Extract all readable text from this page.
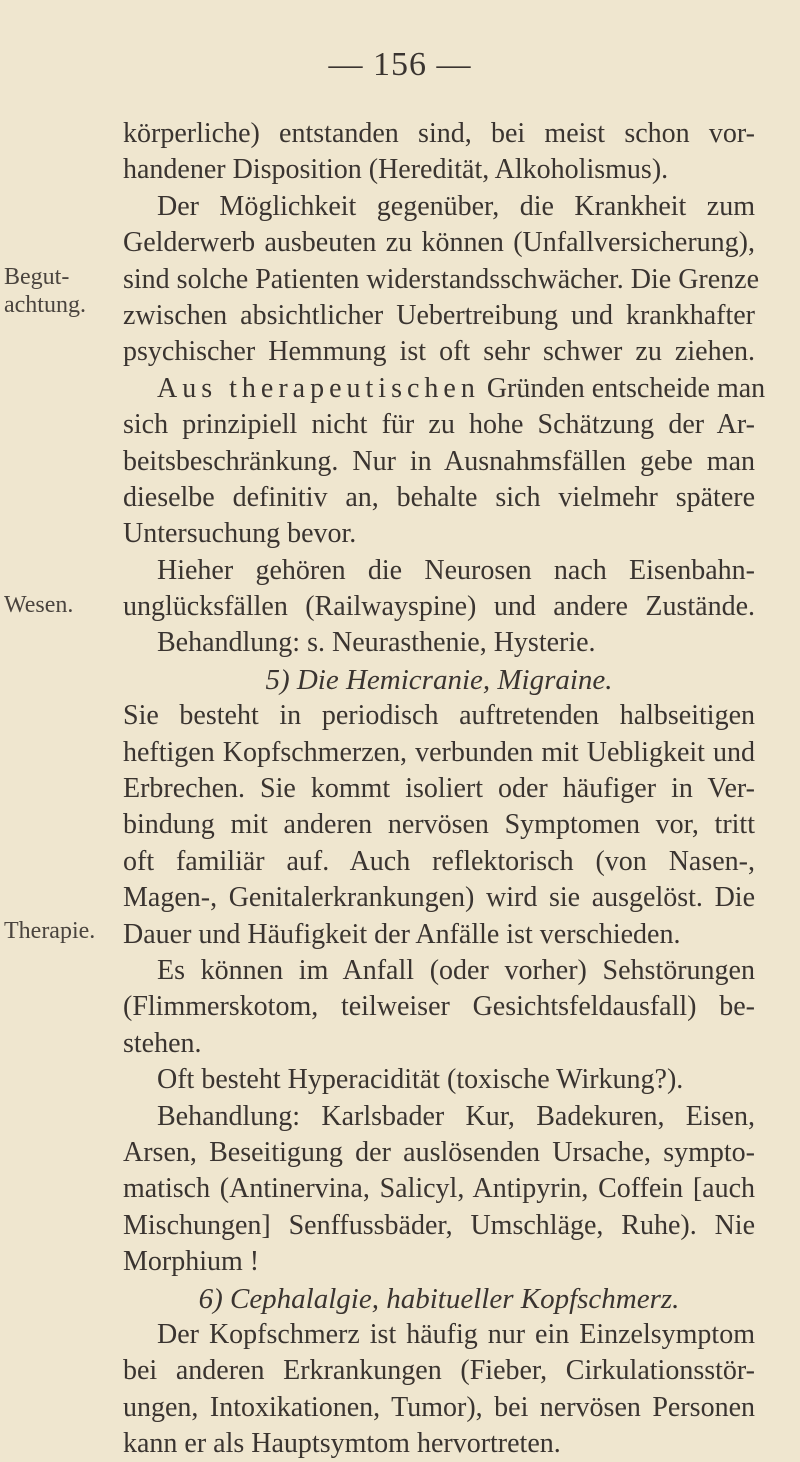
— 156 —
Begut-
achtung.
Wesen.
Therapie.
körperliche) entstanden sind, bei meist schon vor-
handener Disposition (Heredität, Alkoholismus).
Der Möglichkeit gegenüber, die Krankheit zum
Gelderwerb ausbeuten zu können (Unfallversicherung),
sind solche Patienten widerstandsschwächer. Die Grenze
zwischen absichtlicher Uebertreibung und krankhafter
psychischer Hemmung ist oft sehr schwer zu ziehen.
Aus therapeutischen Gründen entscheide man
sich prinzipiell nicht für zu hohe Schätzung der Ar-
beitsbeschränkung. Nur in Ausnahmsfällen gebe man
dieselbe definitiv an, behalte sich vielmehr spätere
Untersuchung bevor.
Hieher gehören die Neurosen nach Eisenbahn-
unglücksfällen (Railwayspine) und andere Zustände.
Behandlung: s. Neurasthenie, Hysterie.
5) Die Hemicranie, Migraine.
Sie besteht in periodisch auftretenden halbseitigen
heftigen Kopfschmerzen, verbunden mit Uebligkeit und
Erbrechen. Sie kommt isoliert oder häufiger in Ver-
bindung mit anderen nervösen Symptomen vor, tritt
oft familiär auf. Auch reflektorisch (von Nasen-,
Magen-, Genitalerkrankungen) wird sie ausgelöst. Die
Dauer und Häufigkeit der Anfälle ist verschieden.
Es können im Anfall (oder vorher) Sehstörungen
(Flimmerskotom, teilweiser Gesichtsfeldausfall) be-
stehen.
Oft besteht Hyperacidität (toxische Wirkung?).
Behandlung: Karlsbader Kur, Badekuren, Eisen,
Arsen, Beseitigung der auslösenden Ursache, sympto-
matisch (Antinervina, Salicyl, Antipyrin, Coffein [auch
Mischungen] Senffussbäder, Umschläge, Ruhe). Nie
Morphium !
6) Cephalalgie, habitueller Kopfschmerz.
Der Kopfschmerz ist häufig nur ein Einzelsymptom
bei anderen Erkrankungen (Fieber, Cirkulationsstör-
ungen, Intoxikationen, Tumor), bei nervösen Personen
kann er als Hauptsymtom hervortreten.
